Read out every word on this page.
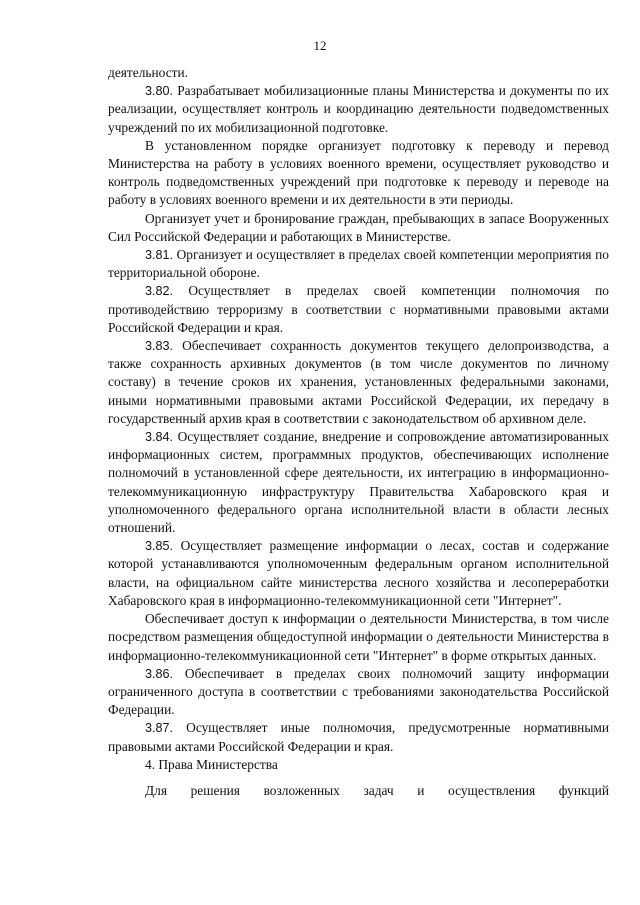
12

деятельности.

3.80. Разрабатывает мобилизационные планы Министерства и документы по их реализации, осуществляет контроль и координацию деятельности подведомственных учреждений по их мобилизационной подготовке.

В установленном порядке организует подготовку к переводу и перевод Министерства на работу в условиях военного времени, осуществляет руководство и контроль подведомственных учреждений при подготовке к переводу и переводе на работу в условиях военного времени и их деятельности в эти периоды.

Организует учет и бронирование граждан, пребывающих в запасе Вооруженных Сил Российской Федерации и работающих в Министерстве.

3.81. Организует и осуществляет в пределах своей компетенции мероприятия по территориальной обороне.

3.82. Осуществляет в пределах своей компетенции полномочия по противодействию терроризму в соответствии с нормативными правовыми актами Российской Федерации и края.

3.83. Обеспечивает сохранность документов текущего делопроизводства, а также сохранность архивных документов (в том числе документов по личному составу) в течение сроков их хранения, установленных федеральными законами, иными нормативными правовыми актами Российской Федерации, их передачу в государственный архив края в соответствии с законодательством об архивном деле.

3.84. Осуществляет создание, внедрение и сопровождение автоматизированных информационных систем, программных продуктов, обеспечивающих исполнение полномочий в установленной сфере деятельности, их интеграцию в информационно-телекоммуникационную инфраструктуру Правительства Хабаровского края и уполномоченного федерального органа исполнительной власти в области лесных отношений.

3.85. Осуществляет размещение информации о лесах, состав и содержание которой устанавливаются уполномоченным федеральным органом исполнительной власти, на официальном сайте министерства лесного хозяйства и лесопереработки Хабаровского края в информационно-телекоммуникационной сети "Интернет".

Обеспечивает доступ к информации о деятельности Министерства, в том числе посредством размещения общедоступной информации о деятельности Министерства в информационно-телекоммуникационной сети "Интернет" в форме открытых данных.

3.86. Обеспечивает в пределах своих полномочий защиту информации ограниченного доступа в соответствии с требованиями законодательства Российской Федерации.

3.87. Осуществляет иные полномочия, предусмотренные нормативными правовыми актами Российской Федерации и края.

4. Права Министерства

Для решения возложенных задач и осуществления функций
